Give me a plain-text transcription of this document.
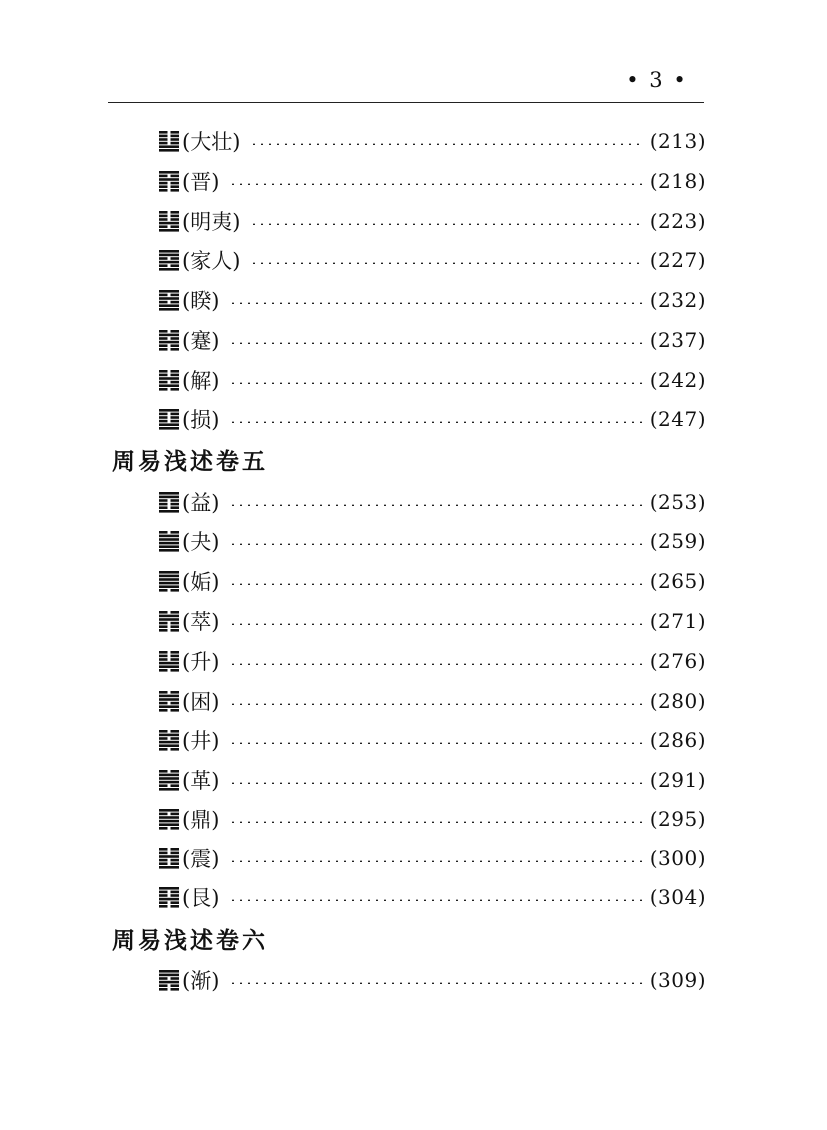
• 3 •
(大壮)	(213)
(晋)	(218)
(明夷)	(223)
(家人)	(227)
(睽)	(232)
(蹇)	(237)
(解)	(242)
(损)	(247)
周易浅述卷五
(益)	(253)
(夬)	(259)
(姤)	(265)
(萃)	(271)
(升)	(276)
(困)	(280)
(井)	(286)
(革)	(291)
(鼎)	(295)
(震)	(300)
(艮)	(304)
周易浅述卷六
(渐)	(309)
